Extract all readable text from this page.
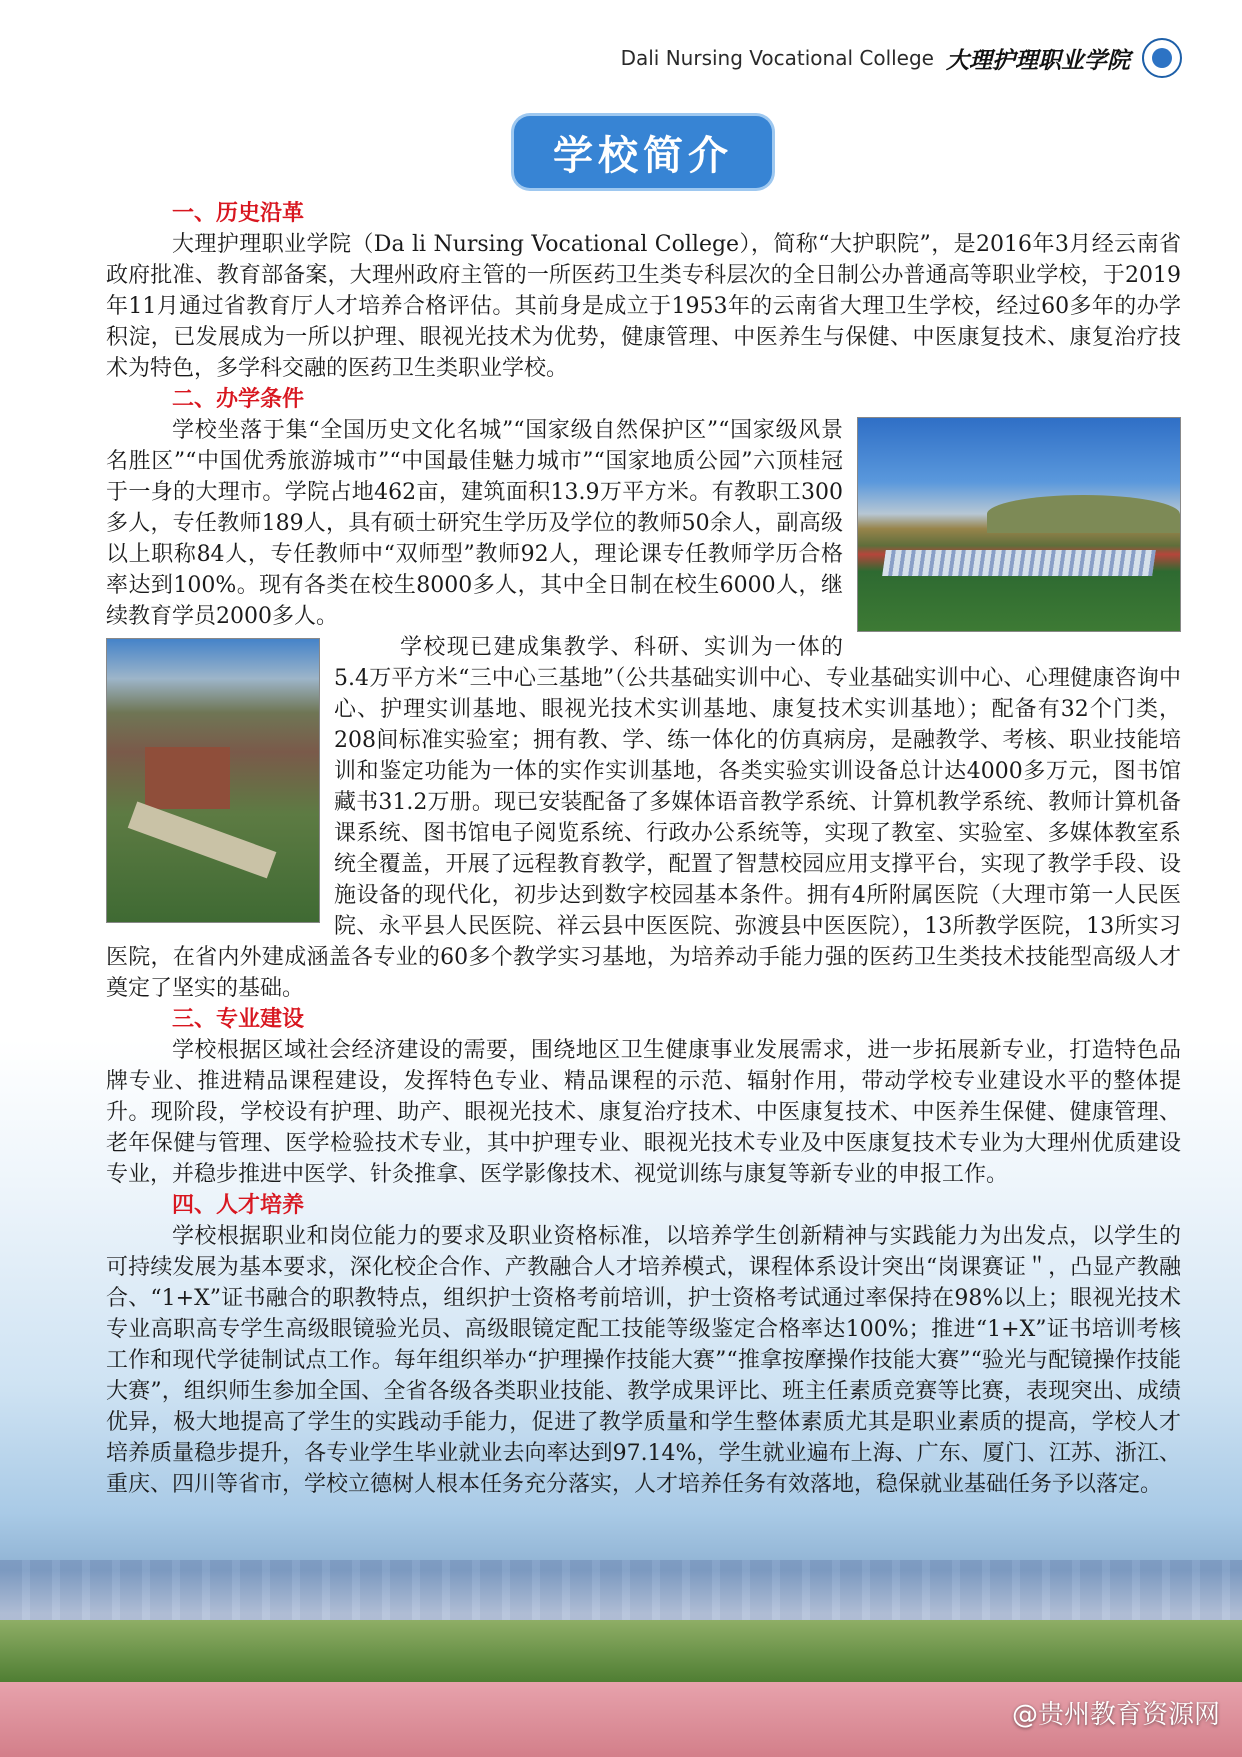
Dali Nursing Vocational College 大理护理职业学院
学校简介
一、历史沿革

大理护理职业学院（Da li Nursing Vocational College），简称“大护职院”，是2016年3月经云南省政府批准、教育部备案，大理州政府主管的一所医药卫生类专科层次的全日制公办普通高等职业学校，于2019年11月通过省教育厅人才培养合格评估。其前身是成立于1953年的云南省大理卫生学校，经过60多年的办学积淀，已发展成为一所以护理、眼视光技术为优势，健康管理、中医养生与保健、中医康复技术、康复治疗技术为特色，多学科交融的医药卫生类职业学校。

二、办学条件

学校坐落于集“全国历史文化名城”“国家级自然保护区”“国家级风景名胜区”“中国优秀旅游城市”“中国最佳魅力城市”“国家地质公园”六顶桂冠于一身的大理市。学院占地462亩，建筑面积13.9万平方米。有教职工300多人，专任教师189人，具有硕士研究生学历及学位的教师50余人，副高级以上职称84人，专任教师中“双师型”教师92人，理论课专任教师学历合格率达到100%。现有各类在校生8000多人，其中全日制在校生6000人，继续教育学员2000多人。

学校现已建成集教学、科研、实训为一体的5.4万平方米“三中心三基地”（公共基础实训中心、专业基础实训中心、心理健康咨询中心、护理实训基地、眼视光技术实训基地、康复技术实训基地）；配备有32个门类，208间标准实验室；拥有教、学、练一体化的仿真病房，是融教学、考核、职业技能培训和鉴定功能为一体的实作实训基地，各类实验实训设备总计达4000多万元，图书馆藏书31.2万册。现已安装配备了多媒体语音教学系统、计算机教学系统、教师计算机备课系统、图书馆电子阅览系统、行政办公系统等，实现了教室、实验室、多媒体教室系统全覆盖，开展了远程教育教学，配置了智慧校园应用支撑平台，实现了教学手段、设施设备的现代化，初步达到数字校园基本条件。拥有4所附属医院（大理市第一人民医院、永平县人民医院、祥云县中医医院、弥渡县中医医院），13所教学医院，13所实习医院，在省内外建成涵盖各专业的60多个教学实习基地，为培养动手能力强的医药卫生类技术技能型高级人才奠定了坚实的基础。

三、专业建设

学校根据区域社会经济建设的需要，围绕地区卫生健康事业发展需求，进一步拓展新专业，打造特色品牌专业、推进精品课程建设，发挥特色专业、精品课程的示范、辐射作用，带动学校专业建设水平的整体提升。现阶段，学校设有护理、助产、眼视光技术、康复治疗技术、中医康复技术、中医养生保健、健康管理、老年保健与管理、医学检验技术专业，其中护理专业、眼视光技术专业及中医康复技术专业为大理州优质建设专业，并稳步推进中医学、针灸推拿、医学影像技术、视觉训练与康复等新专业的申报工作。

四、人才培养

学校根据职业和岗位能力的要求及职业资格标准，以培养学生创新精神与实践能力为出发点，以学生的可持续发展为基本要求，深化校企合作、产教融合人才培养模式，课程体系设计突出“岗课赛证＂，凸显产教融合、“1+X”证书融合的职教特点，组织护士资格考前培训，护士资格考试通过率保持在98%以上；眼视光技术专业高职高专学生高级眼镜验光员、高级眼镜定配工技能等级鉴定合格率达100%；推进“1+X”证书培训考核工作和现代学徒制试点工作。每年组织举办“护理操作技能大赛”“推拿按摩操作技能大赛”“验光与配镜操作技能大赛”，组织师生参加全国、全省各级各类职业技能、教学成果评比、班主任素质竞赛等比赛，表现突出、成绩优异，极大地提高了学生的实践动手能力，促进了教学质量和学生整体素质尤其是职业素质的提高，学校人才培养质量稳步提升，各专业学生毕业就业去向率达到97.14%，学生就业遍布上海、广东、厦门、江苏、浙江、重庆、四川等省市，学校立德树人根本任务充分落实，人才培养任务有效落地，稳保就业基础任务予以落定。

@贵州教育资源网
